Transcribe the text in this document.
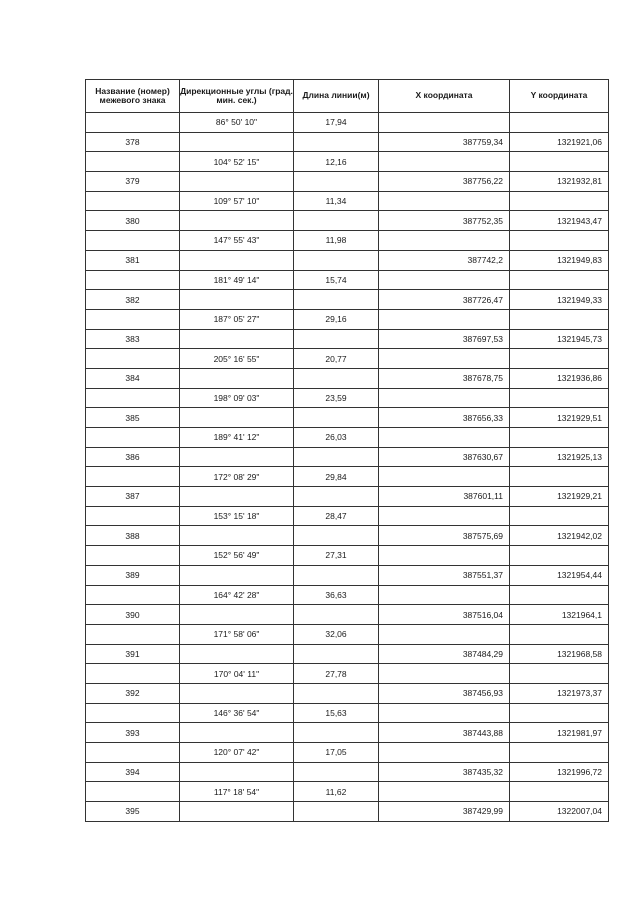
Название (номер) межевого знака	Дирекционные углы (град. мин. сек.)	Длина линии(м)	Х координата	Y координата
	86° 50' 10"	17,94		
378			387759,34	1321921,06
	104° 52' 15"	12,16		
379			387756,22	1321932,81
	109° 57' 10"	11,34		
380			387752,35	1321943,47
	147° 55' 43"	11,98		
381			387742,2	1321949,83
	181° 49' 14"	15,74		
382			387726,47	1321949,33
	187° 05' 27"	29,16		
383			387697,53	1321945,73
	205° 16' 55"	20,77		
384			387678,75	1321936,86
	198° 09' 03"	23,59		
385			387656,33	1321929,51
	189° 41' 12"	26,03		
386			387630,67	1321925,13
	172° 08' 29"	29,84		
387			387601,11	1321929,21
	153° 15' 18"	28,47		
388			387575,69	1321942,02
	152° 56' 49"	27,31		
389			387551,37	1321954,44
	164° 42' 28"	36,63		
390			387516,04	1321964,1
	171° 58' 06"	32,06		
391			387484,29	1321968,58
	170° 04' 11"	27,78		
392			387456,93	1321973,37
	146° 36' 54"	15,63		
393			387443,88	1321981,97
	120° 07' 42"	17,05		
394			387435,32	1321996,72
	117° 18' 54"	11,62		
395			387429,99	1322007,04
